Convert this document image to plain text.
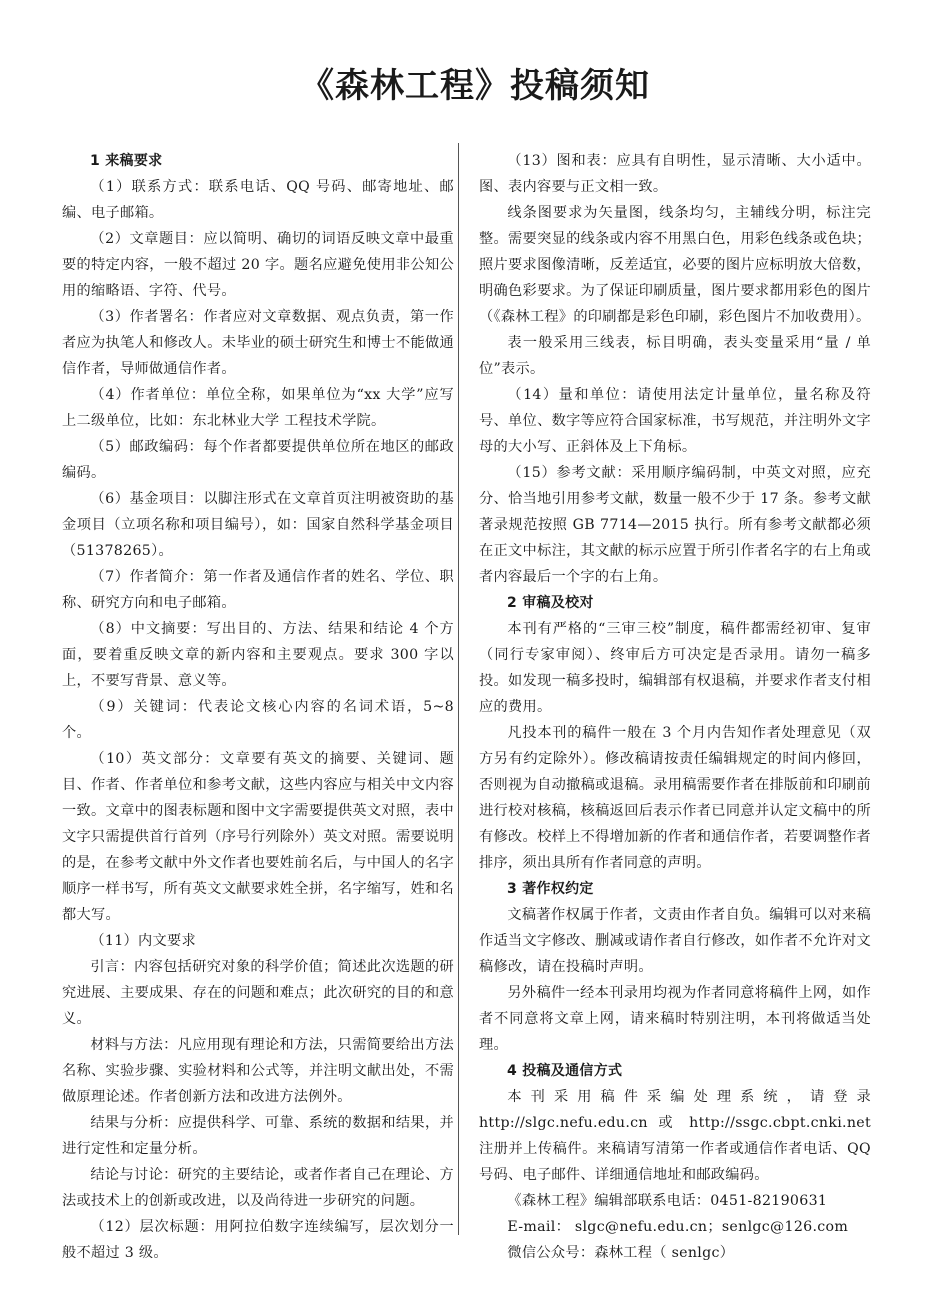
《森林工程》投稿须知

1 来稿要求

（1）联系方式：联系电话、QQ 号码、邮寄地址、邮编、电子邮箱。

（2）文章题目：应以简明、确切的词语反映文章中最重要的特定内容，一般不超过 20 字。题名应避免使用非公知公用的缩略语、字符、代号。

（3）作者署名：作者应对文章数据、观点负责，第一作者应为执笔人和修改人。未毕业的硕士研究生和博士不能做通信作者，导师做通信作者。

（4）作者单位：单位全称，如果单位为“xx 大学”应写上二级单位，比如：东北林业大学 工程技术学院。

（5）邮政编码：每个作者都要提供单位所在地区的邮政编码。

（6）基金项目：以脚注形式在文章首页注明被资助的基金项目（立项名称和项目编号），如：国家自然科学基金项目（51378265）。

（7）作者简介：第一作者及通信作者的姓名、学位、职称、研究方向和电子邮箱。

（8）中文摘要：写出目的、方法、结果和结论 4 个方面，要着重反映文章的新内容和主要观点。要求 300 字以上，不要写背景、意义等。

（9）关键词：代表论文核心内容的名词术语，5~8 个。

（10）英文部分：文章要有英文的摘要、关键词、题目、作者、作者单位和参考文献，这些内容应与相关中文内容一致。文章中的图表标题和图中文字需要提供英文对照，表中文字只需提供首行首列（序号行列除外）英文对照。需要说明的是，在参考文献中外文作者也要姓前名后，与中国人的名字顺序一样书写，所有英文文献要求姓全拼，名字缩写，姓和名都大写。

（11）内文要求

引言：内容包括研究对象的科学价值；简述此次选题的研究进展、主要成果、存在的问题和难点；此次研究的目的和意义。

材料与方法：凡应用现有理论和方法，只需简要给出方法名称、实验步骤、实验材料和公式等，并注明文献出处，不需做原理论述。作者创新方法和改进方法例外。

结果与分析：应提供科学、可靠、系统的数据和结果，并进行定性和定量分析。

结论与讨论：研究的主要结论，或者作者自己在理论、方法或技术上的创新或改进，以及尚待进一步研究的问题。

（12）层次标题：用阿拉伯数字连续编写，层次划分一般不超过 3 级。

（13）图和表：应具有自明性，显示清晰、大小适中。图、表内容要与正文相一致。

线条图要求为矢量图，线条均匀，主辅线分明，标注完整。需要突显的线条或内容不用黑白色，用彩色线条或色块；照片要求图像清晰，反差适宜，必要的图片应标明放大倍数，明确色彩要求。为了保证印刷质量，图片要求都用彩色的图片（《森林工程》的印刷都是彩色印刷，彩色图片不加收费用）。

表一般采用三线表，标目明确，表头变量采用“量 / 单位”表示。

（14）量和单位：请使用法定计量单位，量名称及符号、单位、数字等应符合国家标准，书写规范，并注明外文字母的大小写、正斜体及上下角标。

（15）参考文献：采用顺序编码制，中英文对照，应充分、恰当地引用参考文献，数量一般不少于 17 条。参考文献著录规范按照 GB 7714—2015 执行。所有参考文献都必须在正文中标注，其文献的标示应置于所引作者名字的右上角或者内容最后一个字的右上角。

2 审稿及校对

本刊有严格的“三审三校”制度，稿件都需经初审、复审（同行专家审阅）、终审后方可决定是否录用。请勿一稿多投。如发现一稿多投时，编辑部有权退稿，并要求作者支付相应的费用。

凡投本刊的稿件一般在 3 个月内告知作者处理意见（双方另有约定除外）。修改稿请按责任编辑规定的时间内修回，否则视为自动撤稿或退稿。录用稿需要作者在排版前和印刷前进行校对核稿，核稿返回后表示作者已同意并认定文稿中的所有修改。校样上不得增加新的作者和通信作者，若要调整作者排序，须出具所有作者同意的声明。

3 著作权约定

文稿著作权属于作者，文责由作者自负。编辑可以对来稿作适当文字修改、删减或请作者自行修改，如作者不允许对文稿修改，请在投稿时声明。

另外稿件一经本刊录用均视为作者同意将稿件上网，如作者不同意将文章上网，请来稿时特别注明，本刊将做适当处理。

4 投稿及通信方式

本刊采用稿件采编处理系统，请登录 http://slgc.nefu.edu.cn 或 http://ssgc.cbpt.cnki.net 注册并上传稿件。来稿请写清第一作者或通信作者电话、QQ 号码、电子邮件、详细通信地址和邮政编码。

《森林工程》编辑部联系电话：0451-82190631

E-mail： slgc@nefu.edu.cn；senlgc@126.com

微信公众号：森林工程（ senlgc）
